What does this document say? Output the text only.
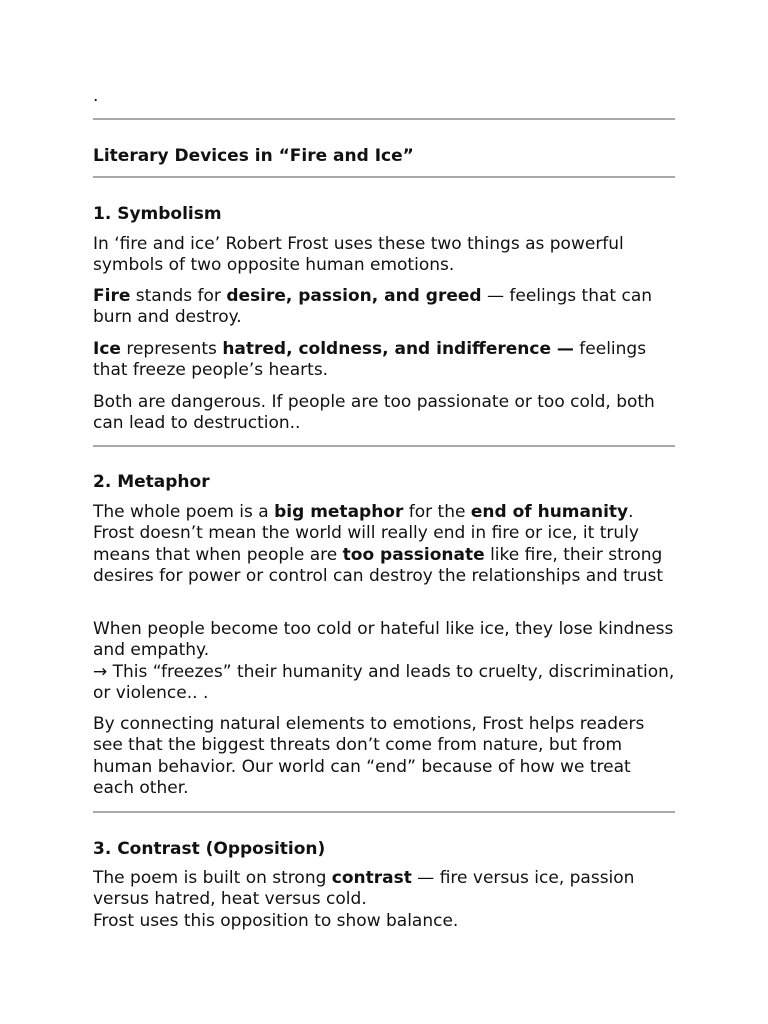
.
Literary Devices in “Fire and Ice”
1. Symbolism
In ‘fire and ice’ Robert Frost uses these two things as powerful symbols of two opposite human emotions.
Fire stands for desire, passion, and greed — feelings that can burn and destroy.
Ice represents hatred, coldness, and indifference — feelings that freeze people’s hearts.
Both are dangerous. If people are too passionate or too cold, both can lead to destruction..
2. Metaphor
The whole poem is a big metaphor for the end of humanity. Frost doesn’t mean the world will really end in fire or ice, it truly means that when people are too passionate like fire, their strong desires for power or control can destroy the relationships and trust
When people become too cold or hateful like ice, they lose kindness and empathy.
→ This “freezes” their humanity and leads to cruelty, discrimination, or violence.. .
By connecting natural elements to emotions, Frost helps readers see that the biggest threats don’t come from nature, but from human behavior. Our world can “end” because of how we treat each other.
3. Contrast (Opposition)
The poem is built on strong contrast — fire versus ice, passion versus hatred, heat versus cold.
Frost uses this opposition to show balance.
